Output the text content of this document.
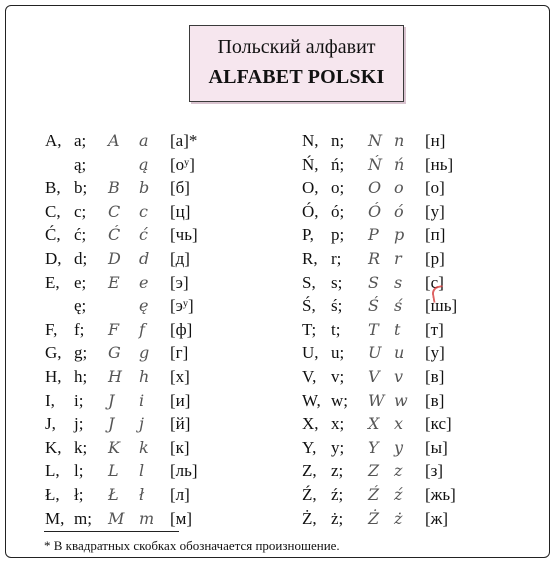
Польский алфавит
ALFABET POLSKI
A, a; A a [а]*
ą;	ą [оʸ]
B, b; B b [б]
C, c; C c [ц]
Ć, ć; Ć ć [чь]
D, d; D d [д]
E, e; E e [э]
ę;	ę [эʸ]
F, f; F f [ф]
G, g; G g [г]
H, h; H h [х]
I, i; J i [и]
J, j; J j [й]
K, k; K k [к]
L, l; L l [ль]
Ł, ł; Ł ł [л]
M, m; M m [м]
N, n; N n [н]
Ń, ń; Ń ń [нь]
O, o; O o [о]
Ó, ó; Ó ó [у]
P, p; P p [п]
R, r; R r [р]
S, s; S s [с]
Ś, ś; Ś ś [шь]
T; t; T t [т]
U, u; U u [у]
V, v; V v [в]
W, w; W w [в]
X, x; X x [кс]
Y, y; Y y [ы]
Z, z; Z z [з]
Ź, ź; Ź ź [жь]
Ż, ż; Ż ż [ж]
* В квадратных скобках обозначается произношение.
